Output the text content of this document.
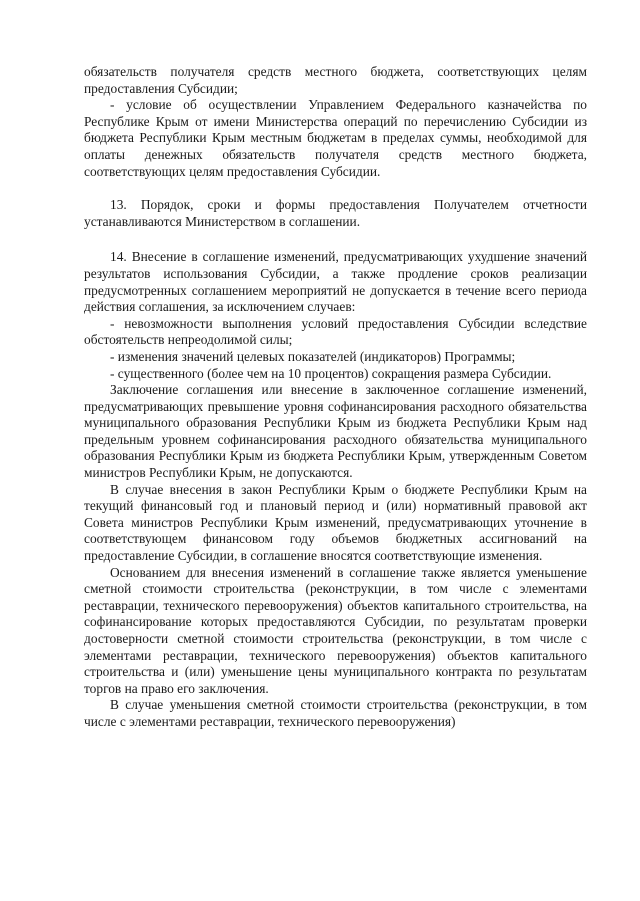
обязательств получателя средств местного бюджета, соответствующих целям предоставления Субсидии;

- условие об осуществлении Управлением Федерального казначейства по Республике Крым от имени Министерства операций по перечислению Субсидии из бюджета Республики Крым местным бюджетам в пределах суммы, необходимой для оплаты денежных обязательств получателя средств местного бюджета, соответствующих целям предоставления Субсидии.

13. Порядок, сроки и формы предоставления Получателем отчетности устанавливаются Министерством в соглашении.

14. Внесение в соглашение изменений, предусматривающих ухудшение значений результатов использования Субсидии, а также продление сроков реализации предусмотренных соглашением мероприятий не допускается в течение всего периода действия соглашения, за исключением случаев:

- невозможности выполнения условий предоставления Субсидии вследствие обстоятельств непреодолимой силы;

- изменения значений целевых показателей (индикаторов) Программы;

- существенного (более чем на 10 процентов) сокращения размера Субсидии.

Заключение соглашения или внесение в заключенное соглашение изменений, предусматривающих превышение уровня софинансирования расходного обязательства муниципального образования Республики Крым из бюджета Республики Крым над предельным уровнем софинансирования расходного обязательства муниципального образования Республики Крым из бюджета Республики Крым, утвержденным Советом министров Республики Крым, не допускаются.

В случае внесения в закон Республики Крым о бюджете Республики Крым на текущий финансовый год и плановый период и (или) нормативный правовой акт Совета министров Республики Крым изменений, предусматривающих уточнение в соответствующем финансовом году объемов бюджетных ассигнований на предоставление Субсидии, в соглашение вносятся соответствующие изменения.

Основанием для внесения изменений в соглашение также является уменьшение сметной стоимости строительства (реконструкции, в том числе с элементами реставрации, технического перевооружения) объектов капитального строительства, на софинансирование которых предоставляются Субсидии, по результатам проверки достоверности сметной стоимости строительства (реконструкции, в том числе с элементами реставрации, технического перевооружения) объектов капитального строительства и (или) уменьшение цены муниципального контракта по результатам торгов на право его заключения.

В случае уменьшения сметной стоимости строительства (реконструкции, в том числе с элементами реставрации, технического перевооружения)
